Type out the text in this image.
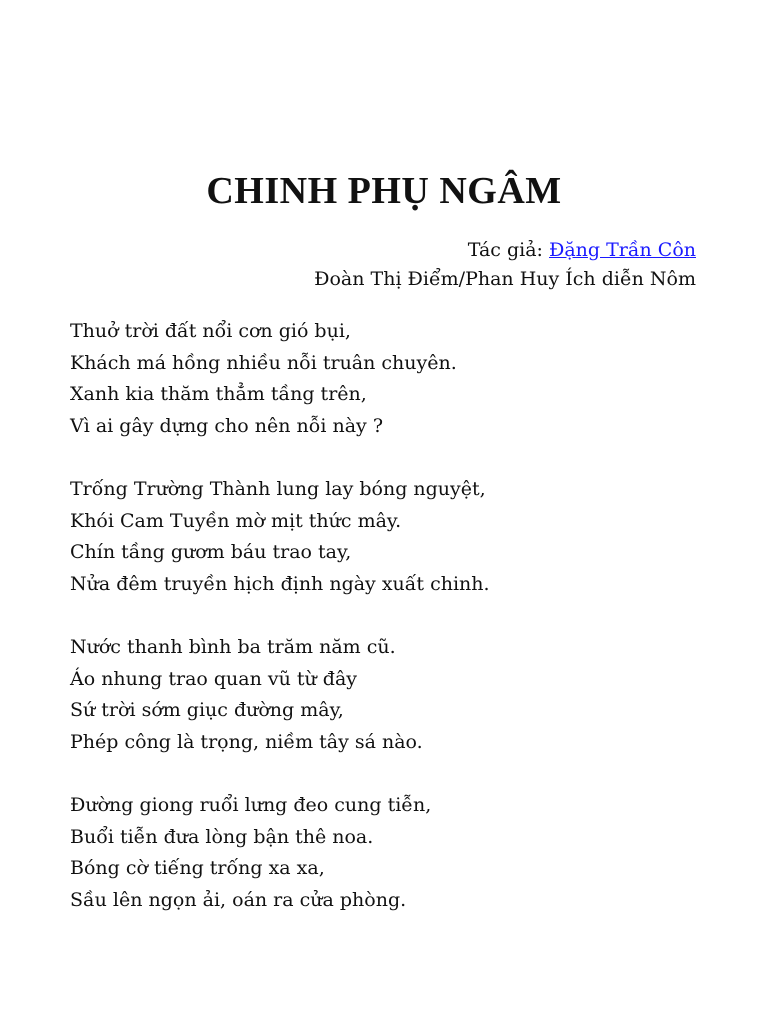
CHINH PHỤ NGÂM
Tác giả: Đặng Trần Côn
Đoàn Thị Điểm/Phan Huy Ích diễn Nôm
Thuở trời đất nổi cơn gió bụi,
Khách má hồng nhiều nỗi truân chuyên.
Xanh kia thăm thẳm tầng trên,
Vì ai gây dựng cho nên nỗi này ?
Trống Trường Thành lung lay bóng nguyệt,
Khói Cam Tuyền mờ mịt thức mây.
Chín tầng gươm báu trao tay,
Nửa đêm truyền hịch định ngày xuất chinh.
Nước thanh bình ba trăm năm cũ.
Áo nhung trao quan vũ từ đây
Sứ trời sớm giục đường mây,
Phép công là trọng, niềm tây sá nào.
Đường giong ruổi lưng đeo cung tiễn,
Buổi tiễn đưa lòng bận thê noa.
Bóng cờ tiếng trống xa xa,
Sầu lên ngọn ải, oán ra cửa phòng.
